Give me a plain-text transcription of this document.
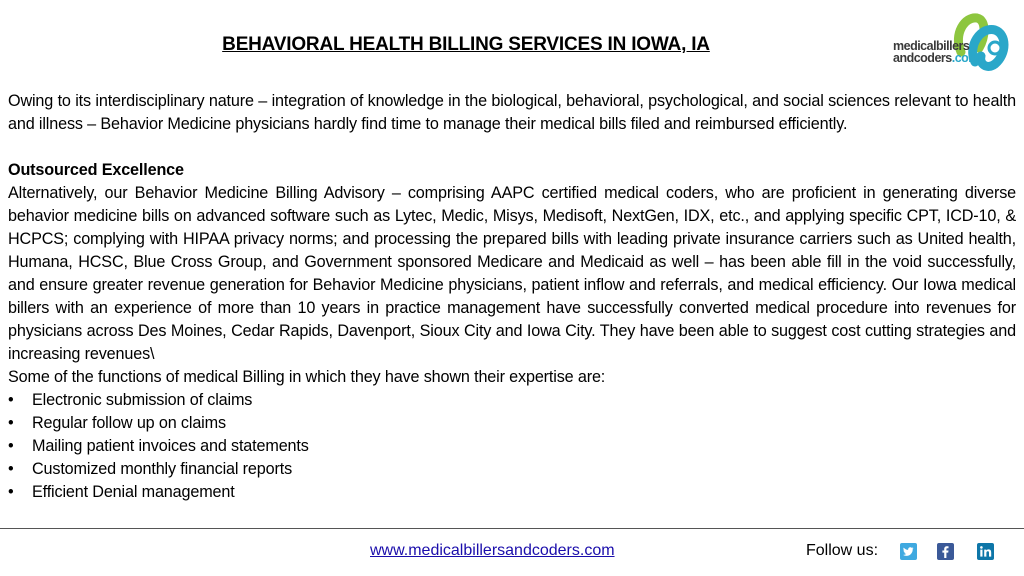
BEHAVIORAL HEALTH BILLING SERVICES IN IOWA, IA	medicalbillers
andcoders.com

Owing to its interdisciplinary nature – integration of knowledge in the biological, behavioral, psychological, and social sciences relevant to health and illness – Behavior Medicine physicians hardly find time to manage their medical bills filed and reimbursed efficiently.

Outsourced Excellence

Alternatively, our Behavior Medicine Billing Advisory – comprising AAPC certified medical coders, who are proficient in generating diverse behavior medicine bills on advanced software such as Lytec, Medic, Misys, Medisoft, NextGen, IDX, etc., and applying specific CPT, ICD-10, & HCPCS; complying with HIPAA privacy norms; and processing the prepared bills with leading private insurance carriers such as United health, Humana, HCSC, Blue Cross Group, and Government sponsored Medicare and Medicaid as well – has been able fill in the void successfully, and ensure greater revenue generation for Behavior Medicine physicians, patient inflow and referrals, and medical efficiency. Our Iowa medical billers with an experience of more than 10 years in practice management have successfully converted medical procedure into revenues for physicians across Des Moines, Cedar Rapids, Davenport, Sioux City and Iowa City. They have been able to suggest cost cutting strategies and increasing revenues\

Some of the functions of medical Billing in which they have shown their expertise are:

• Electronic submission of claims
• Regular follow up on claims
• Mailing patient invoices and statements
• Customized monthly financial reports
• Efficient Denial management
www.medicalbillersandcoders.com	Follow us:
